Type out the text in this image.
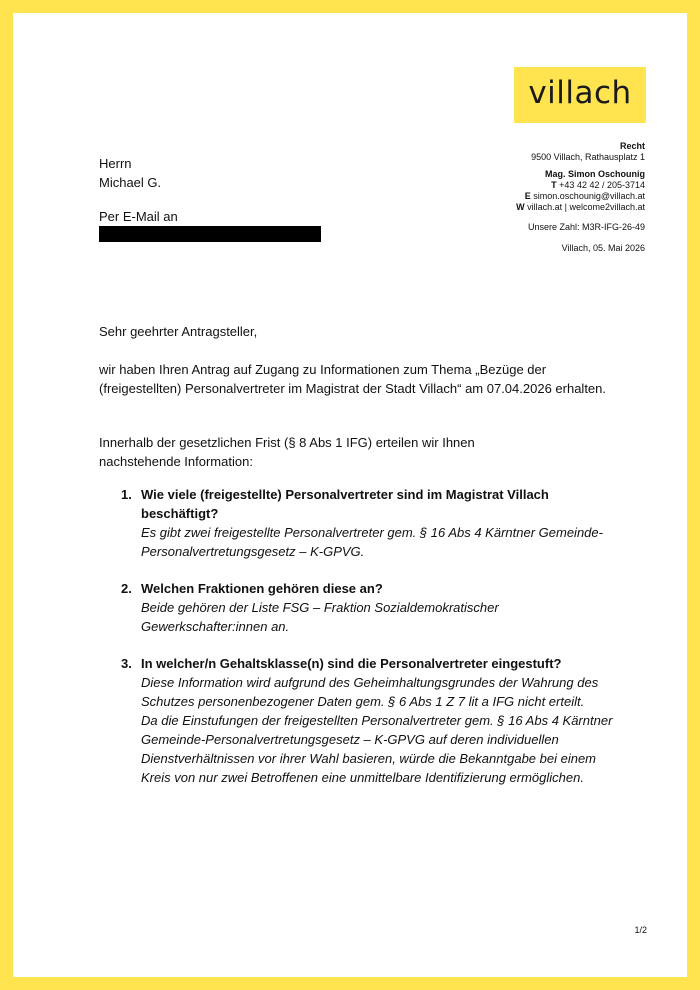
villach
Recht
9500 Villach, Rathausplatz 1
Mag. Simon Oschounig
T +43 42 42 / 205-3714
E simon.oschounig@villach.at
W villach.at | welcome2villach.at
Unsere Zahl: M3R-IFG-26-49
Villach, 05. Mai 2026
Herrn
Michael G.
Per E-Mail an
Sehr geehrter Antragsteller,
wir haben Ihren Antrag auf Zugang zu Informationen zum Thema „Bezüge der (freigestellten) Personalvertreter im Magistrat der Stadt Villach“ am 07.04.2026 erhalten.
Innerhalb der gesetzlichen Frist (§ 8 Abs 1 IFG) erteilen wir Ihnen nachstehende Information:
1. Wie viele (freigestellte) Personalvertreter sind im Magistrat Villach beschäftigt?
Es gibt zwei freigestellte Personalvertreter gem. § 16 Abs 4 Kärntner Gemeinde-Personalvertretungsgesetz – K-GPVG.
2. Welchen Fraktionen gehören diese an?
Beide gehören der Liste FSG – Fraktion Sozialdemokratischer Gewerkschafter:innen an.
3. In welcher/n Gehaltsklasse(n) sind die Personalvertreter eingestuft?
Diese Information wird aufgrund des Geheimhaltungsgrundes der Wahrung des Schutzes personenbezogener Daten gem. § 6 Abs 1 Z 7 lit a IFG nicht erteilt.
Da die Einstufungen der freigestellten Personalvertreter gem. § 16 Abs 4 Kärntner Gemeinde-Personalvertretungsgesetz – K-GPVG auf deren individuellen Dienstverhältnissen vor ihrer Wahl basieren, würde die Bekanntgabe bei einem Kreis von nur zwei Betroffenen eine unmittelbare Identifizierung ermöglichen.
1/2
